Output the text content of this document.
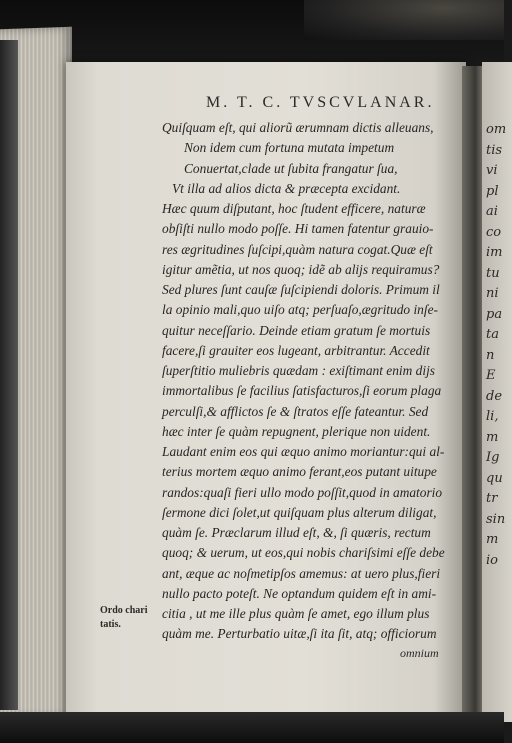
om
tis
vi
pl
ai
co
im
tu
ni
pa
ta
n
E
de
li,
m
Ig
qu
tr
sin
m
io
M. T. C. TVSCVLANAR.
Quiſquam eſt, qui aliorũ ærumnam dictis alleuans,
Non idem cum fortuna mutata impetum
Conuertat,clade ut ſubita frangatur ſua,
Vt illa ad alios dicta & præcepta excidant.
Hæc quum diſputant, hoc ſtudent efficere, naturæ
obſiſti nullo modo poſſe. Hi tamen fatentur grauio-
res ægritudines ſuſcipi,quàm natura cogat.Quæ eſt
igitur amẽtia, ut nos quoq; idẽ ab alijs requiramus?
Sed plures ſunt cauſæ ſuſcipiendi doloris. Primum il
la opinio mali,quo uiſo atq; perſuaſo,ægritudo inſe-
quitur neceſſario. Deinde etiam gratum ſe mortuis
facere,ſi grauiter eos lugeant, arbitrantur. Accedit
ſuperſtitio muliebris quædam : exiſtimant enim dijs
immortalibus ſe facilius ſatisfacturos,ſi eorum plaga
perculſi,& afflictos ſe & ſtratos eſſe fateantur. Sed
hæc inter ſe quàm repugnent, plerique non uident.
Laudant enim eos qui æquo animo moriantur:qui al-
terius mortem æquo animo ferant,eos putant uitupe
randos:quaſi fieri ullo modo poſſit,quod in amatorio
ſermone dici ſolet,ut quiſquam plus alterum diligat,
quàm ſe. Præclarum illud eſt, &, ſi quæris, rectum
quoq; & uerum, ut eos,qui nobis chariſsimi eſſe debe
ant, æque ac noſmetipſos amemus: at uero plus,fieri
nullo pacto poteſt. Ne optandum quidem eſt in ami-
citia , ut me ille plus quàm ſe amet, ego illum plus
quàm me. Perturbatio uitæ,ſi ita ſit, atq; officiorum
Ordo chari
tatis.
omnium
